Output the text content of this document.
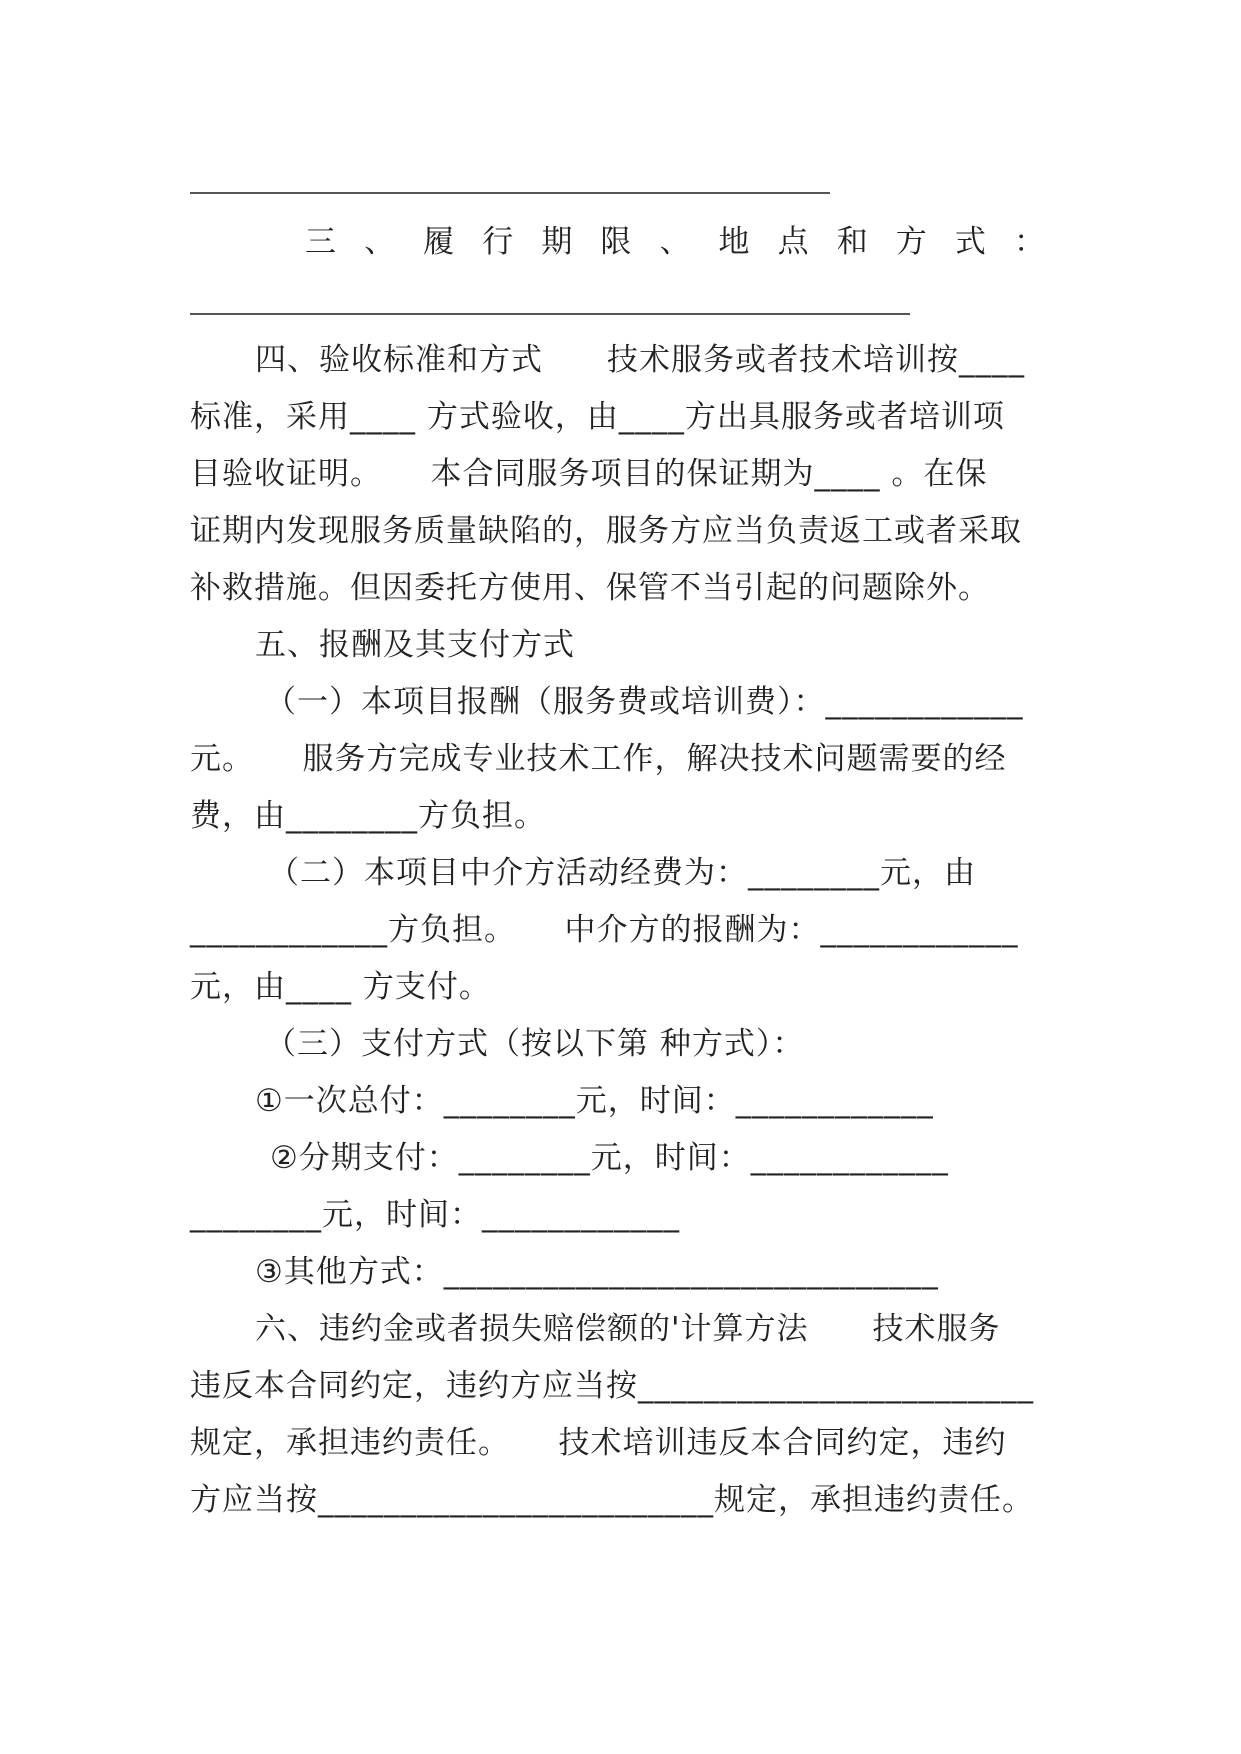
三 、 履 行 期 限 、 地 点 和 方 式 ：
四、验收标准和方式　　技术服务或者技术培训按____
标准，采用____ 方式验收，由____方出具服务或者培训项
目验收证明。　　本合同服务项目的保证期为____ 。在保
证期内发现服务质量缺陷的，服务方应当负责返工或者采取
补救措施。但因委托方使用、保管不当引起的问题除外。
五、报酬及其支付方式
（一）本项目报酬（服务费或培训费）：____________
元。　　服务方完成专业技术工作，解决技术问题需要的经
费，由________方负担。
（二）本项目中介方活动经费为：________元，由
____________方负担。　　中介方的报酬为：____________
元，由____ 方支付。
（三）支付方式（按以下第 种方式）：
①一次总付：________元，时间：____________
②分期支付：________元，时间：____________
________元，时间：____________
③其他方式：______________________________
六、违约金或者损失赔偿额的'计算方法　　技术服务
违反本合同约定，违约方应当按________________________
规定，承担违约责任。　　技术培训违反本合同约定，违约
方应当按________________________规定，承担违约责任。
